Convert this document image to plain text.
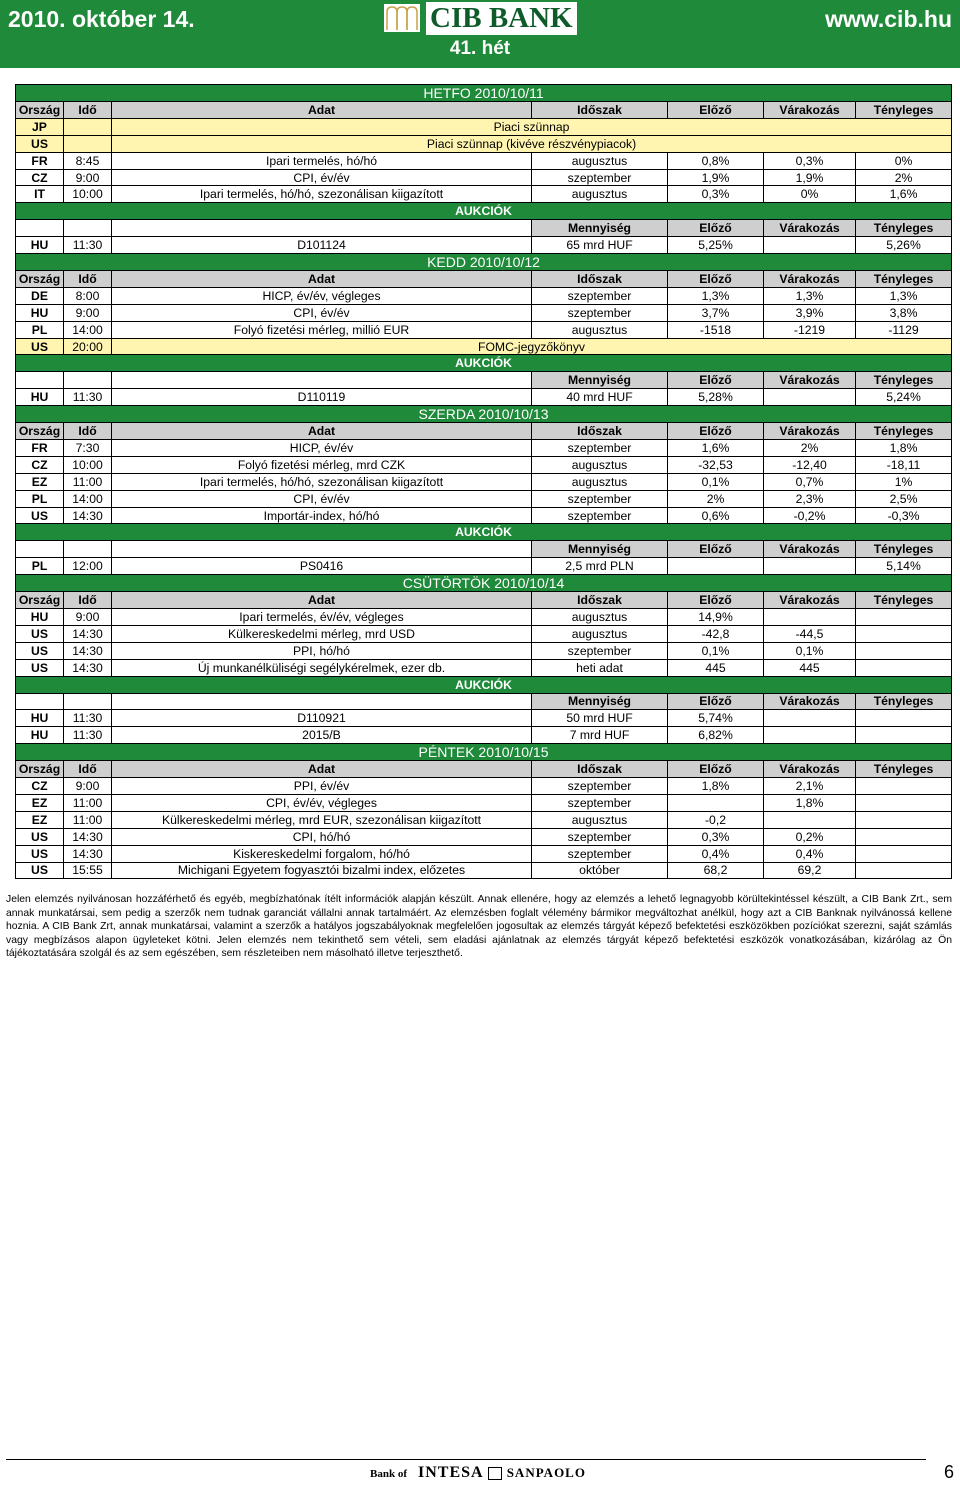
2010. október 14.	CIB BANK	www.cib.hu
41. hét
HETFO 2010/10/11						
Ország	Idő	Adat	Időszak	Előző	Várakozás	Tényleges
JP		Piaci szünnap				
US		Piaci szünnap (kivéve részvénypiacok)				
FR	8:45	Ipari termelés, hó/hó	augusztus	0,8%	0,3%	0%
CZ	9:00	CPI, év/év	szeptember	1,9%	1,9%	2%
IT	10:00	Ipari termelés, hó/hó, szezonálisan kiigazított	augusztus	0,3%	0%	1,6%
AUKCIÓK						
			Mennyiség	Előző	Várakozás	Tényleges
HU	11:30	D101124	65 mrd HUF	5,25%		5,26%
KEDD 2010/10/12						
Ország	Idő	Adat	Időszak	Előző	Várakozás	Tényleges
DE	8:00	HICP, év/év, végleges	szeptember	1,3%	1,3%	1,3%
HU	9:00	CPI, év/év	szeptember	3,7%	3,9%	3,8%
PL	14:00	Folyó fizetési mérleg, millió EUR	augusztus	-1518	-1219	-1129
US	20:00	FOMC-jegyzőkönyv				
AUKCIÓK						
			Mennyiség	Előző	Várakozás	Tényleges
HU	11:30	D110119	40 mrd HUF	5,28%		5,24%
SZERDA 2010/10/13						
Ország	Idő	Adat	Időszak	Előző	Várakozás	Tényleges
FR	7:30	HICP, év/év	szeptember	1,6%	2%	1,8%
CZ	10:00	Folyó fizetési mérleg, mrd CZK	augusztus	-32,53	-12,40	-18,11
EZ	11:00	Ipari termelés, hó/hó, szezonálisan kiigazított	augusztus	0,1%	0,7%	1%
PL	14:00	CPI, év/év	szeptember	2%	2,3%	2,5%
US	14:30	Importár-index, hó/hó	szeptember	0,6%	-0,2%	-0,3%
AUKCIÓK						
			Mennyiség	Előző	Várakozás	Tényleges
PL	12:00	PS0416	2,5 mrd PLN			5,14%
CSÜTÖRTÖK 2010/10/14						
Ország	Idő	Adat	Időszak	Előző	Várakozás	Tényleges
HU	9:00	Ipari termelés, év/év, végleges	augusztus	14,9%		
US	14:30	Külkereskedelmi mérleg, mrd USD	augusztus	-42,8	-44,5	
US	14:30	PPI, hó/hó	szeptember	0,1%	0,1%	
US	14:30	Új munkanélküliségi segélykérelmek, ezer db.	heti adat	445	445	
AUKCIÓK						
			Mennyiség	Előző	Várakozás	Tényleges
HU	11:30	D110921	50 mrd HUF	5,74%		
HU	11:30	2015/B	7 mrd HUF	6,82%		
PÉNTEK 2010/10/15						
Ország	Idő	Adat	Időszak	Előző	Várakozás	Tényleges
CZ	9:00	PPI, év/év	szeptember	1,8%	2,1%	
EZ	11:00	CPI, év/év, végleges	szeptember		1,8%	
EZ	11:00	Külkereskedelmi mérleg, mrd EUR, szezonálisan kiigazított	augusztus	-0,2		
US	14:30	CPI, hó/hó	szeptember	0,3%	0,2%	
US	14:30	Kiskereskedelmi forgalom, hó/hó	szeptember	0,4%	0,4%	
US	15:55	Michigani Egyetem fogyasztói bizalmi index, előzetes	október	68,2	69,2	
Jelen elemzés nyilvánosan hozzáférhető és egyéb, megbízhatónak ítélt információk alapján készült. Annak ellenére, hogy az elemzés a lehető legnagyobb körültekintéssel készült, a CIB Bank Zrt., sem annak munkatársai, sem pedig a szerzők nem tudnak garanciát vállalni annak tartalmáért. Az elemzésben foglalt vélemény bármikor megváltozhat anélkül, hogy azt a CIB Banknak nyilvánossá kellene hoznia. A CIB Bank Zrt, annak munkatársai, valamint a szerzők a hatályos jogszabályoknak megfelelően jogosultak az elemzés tárgyát képező befektetési eszközökben pozíciókat szerezni, saját számlás vagy megbízásos alapon ügyleteket kötni. Jelen elemzés nem tekinthető sem vételi, sem eladási ajánlatnak az elemzés tárgyát képező befektetési eszközök vonatkozásában, kizárólag az Ön tájékoztatására szolgál és az sem egészében, sem részleteiben nem másolható illetve terjeszthető.
Bank of INTESA SANPAOLO	6
